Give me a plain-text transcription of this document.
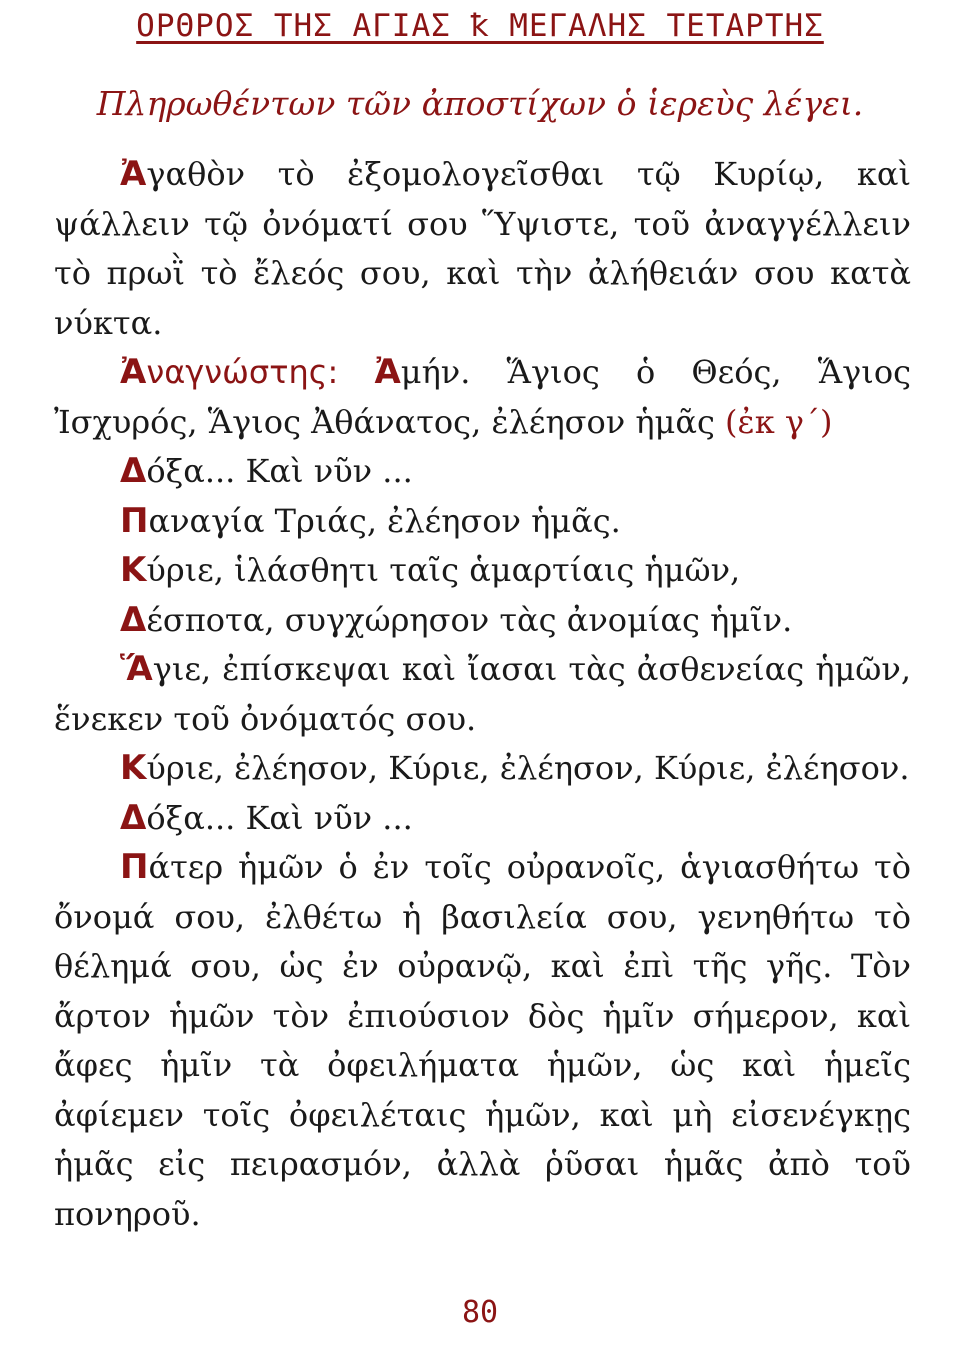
ΟΡΘΡΟΣ ΤΗΣ ΑΓΙΑΣ ꝁ ΜΕΓΑΛΗΣ ΤΕΤΑΡΤΗΣ
Πληρωθέντων τῶν ἀποστίχων ὁ ἱερεὺς λέγει.

Ἀγαθὸν τὸ ἐξομολογεῖσθαι τῷ Κυρίῳ, καὶ ψάλλειν τῷ ὀνόματί σου Ὕψιστε, τοῦ ἀναγγέλλειν τὸ πρωῒ τὸ ἔλεός σου, καὶ τὴν ἀλήθειάν σου κατὰ νύκτα.

Ἀναγνώστης: Ἀμήν. Ἅγιος ὁ Θεός, Ἅγιος Ἰσχυρός, Ἅγιος Ἀθάνατος, ἐλέησον ἡμᾶς (ἐκ γ΄)

Δόξα... Καὶ νῦν ...

Παναγία Τριάς, ἐλέησον ἡμᾶς.

Κύριε, ἱλάσθητι ταῖς ἁμαρτίαις ἡμῶν,

Δέσποτα, συγχώρησον τὰς ἀνομίας ἡμῖν.

Ἅγιε, ἐπίσκεψαι καὶ ἴασαι τὰς ἀσθενείας ἡμῶν, ἕνεκεν τοῦ ὀνόματός σου.

Κύριε, ἐλέησον, Κύριε, ἐλέησον, Κύριε, ἐλέησον.

Δόξα... Καὶ νῦν ...

Πάτερ ἡμῶν ὁ ἐν τοῖς οὐρανοῖς, ἁγιασθήτω τὸ ὄνομά σου, ἐλθέτω ἡ βασιλεία σου, γενηθήτω τὸ θέλημά σου, ὡς ἐν οὐρανῷ, καὶ ἐπὶ τῆς γῆς. Τὸν ἄρτον ἡμῶν τὸν ἐπιούσιον δὸς ἡμῖν σήμερον, καὶ ἄφες ἡμῖν τὰ ὀφειλήματα ἡμῶν, ὡς καὶ ἡμεῖς ἀφίεμεν τοῖς ὀφειλέταις ἡμῶν, καὶ μὴ εἰσενέγκῃς ἡμᾶς εἰς πειρασμόν, ἀλλὰ ῥῦσαι ἡμᾶς ἀπὸ τοῦ πονηροῦ.

80
